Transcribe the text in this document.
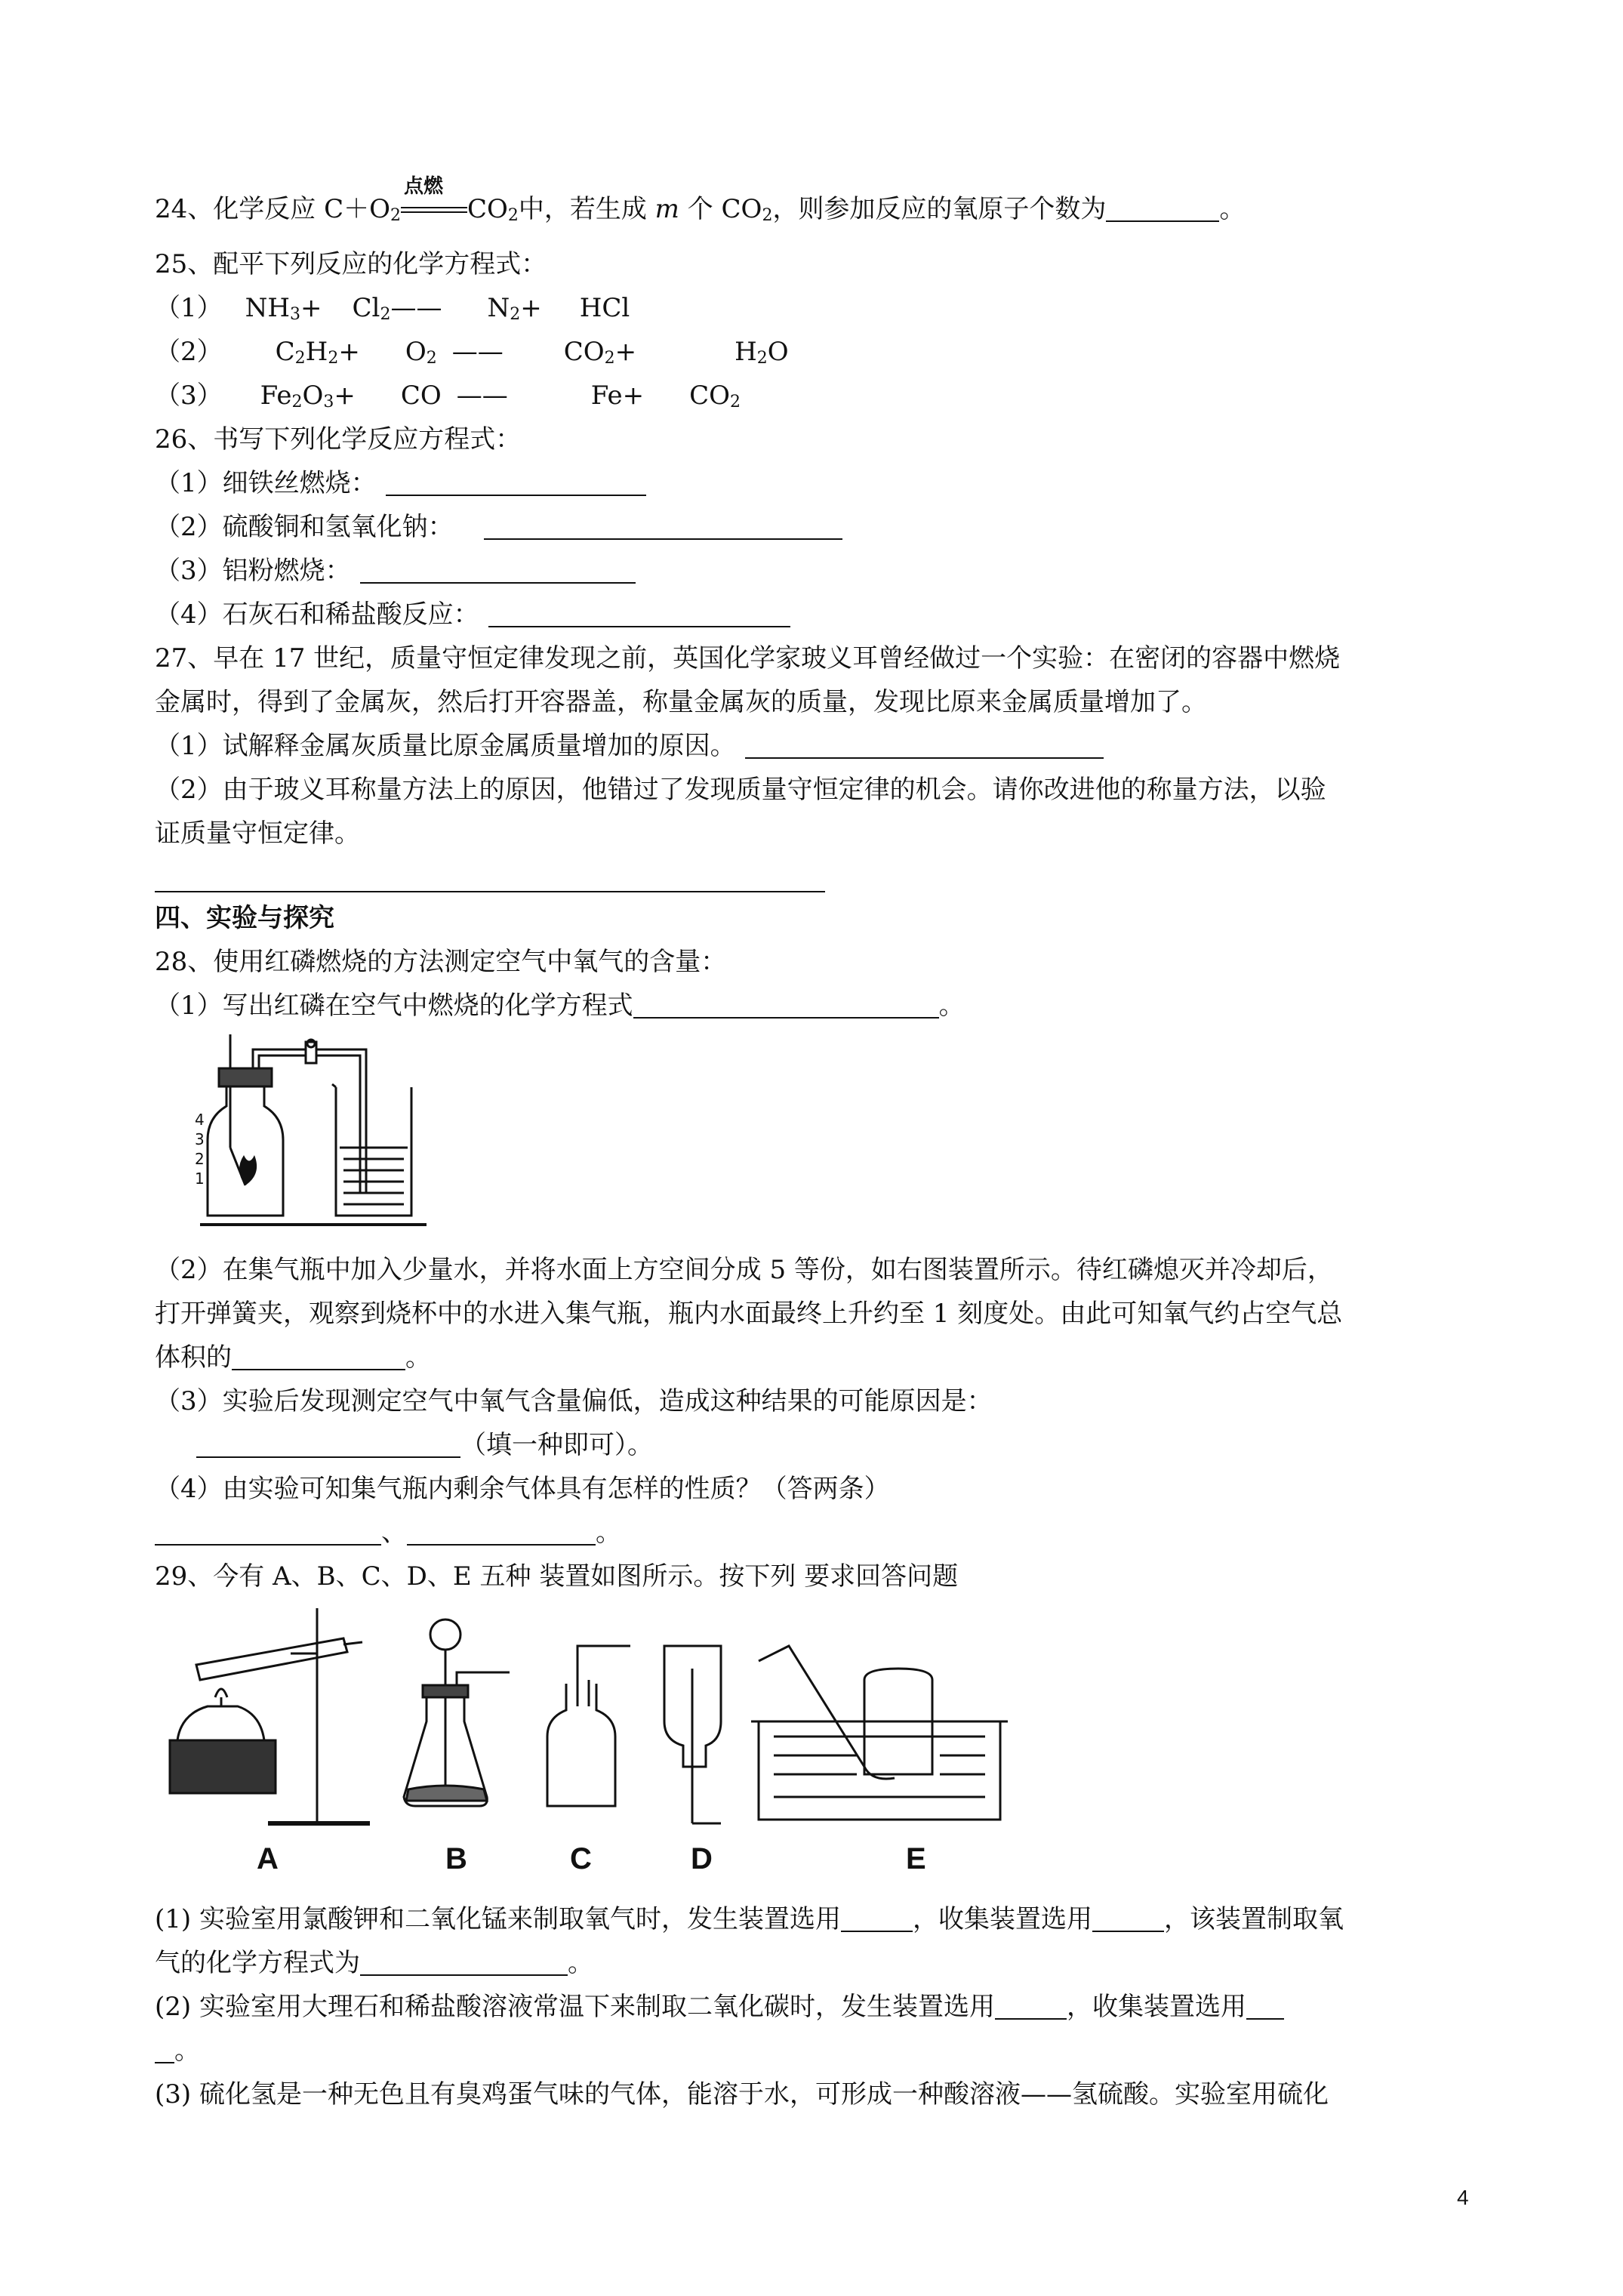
24、化学反应 $C+O_2$
点燃
$CO_2$中，若生成 m 个 $CO_2$，则参加反应的氧原子个数为	。
25、配平下列反应的化学方程式：
（1） $NH_3+$ $Cl_2——$ $N_2+$ HCl
（2） $C_2H_2+ O_2$ —— $CO_2+$	$H_2O$
（3） $Fe_2O_3+$ CO ——	$Fe+ CO_2$
26、书写下列化学反应方程式：
（1）细铁丝燃烧：
（2）硫酸铜和氢氧化钠：
（3）铝粉燃烧：
（4）石灰石和稀盐酸反应：
27、早在 17 世纪，质量守恒定律发现之前，英国化学家玻义耳曾经做过一个实验：在密闭的容器中燃烧
金属时，得到了金属灰，然后打开容器盖，称量金属灰的质量，发现比原来金属质量增加了。
（1）试解释金属灰质量比原金属质量增加的原因。
（2）由于玻义耳称量方法上的原因，他错过了发现质量守恒定律的机会。请你改进他的称量方法，以验
证质量守恒定律。
四、实验与探究
28、使用红磷燃烧的方法测定空气中氧气的含量：
（1）写出红磷在空气中燃烧的化学方程式	。
4
3
2
1
（2）在集气瓶中加入少量水，并将水面上方空间分成 5 等份，如右图装置所示。待红磷熄灭并冷却后，
打开弹簧夹，观察到烧杯中的水进入集气瓶，瓶内水面最终上升约至 1 刻度处。由此可知氧气约占空气总
体积的	。
（3）实验后发现测定空气中氧气含量偏低，造成这种结果的可能原因是：
（填一种即可）。
（4）由实验可知集气瓶内剩余气体具有怎样的性质？（答两条）
、	。
29、今有 A、B、C、D、E 五种 装置如图所示。按下列 要求回答问题
A	B	C	D	E
(1) 实验室用氯酸钾和二氧化锰来制取氧气时，发生装置选用	，收集装置选用	，该装置制取氧
气的化学方程式为	。
(2) 实验室用大理石和稀盐酸溶液常温下来制取二氧化碳时，发生装置选用	，收集装置选用
。
(3) 硫化氢是一种无色且有臭鸡蛋气味的气体，能溶于水，可形成一种酸溶液——氢硫酸。实验室用硫化
4
